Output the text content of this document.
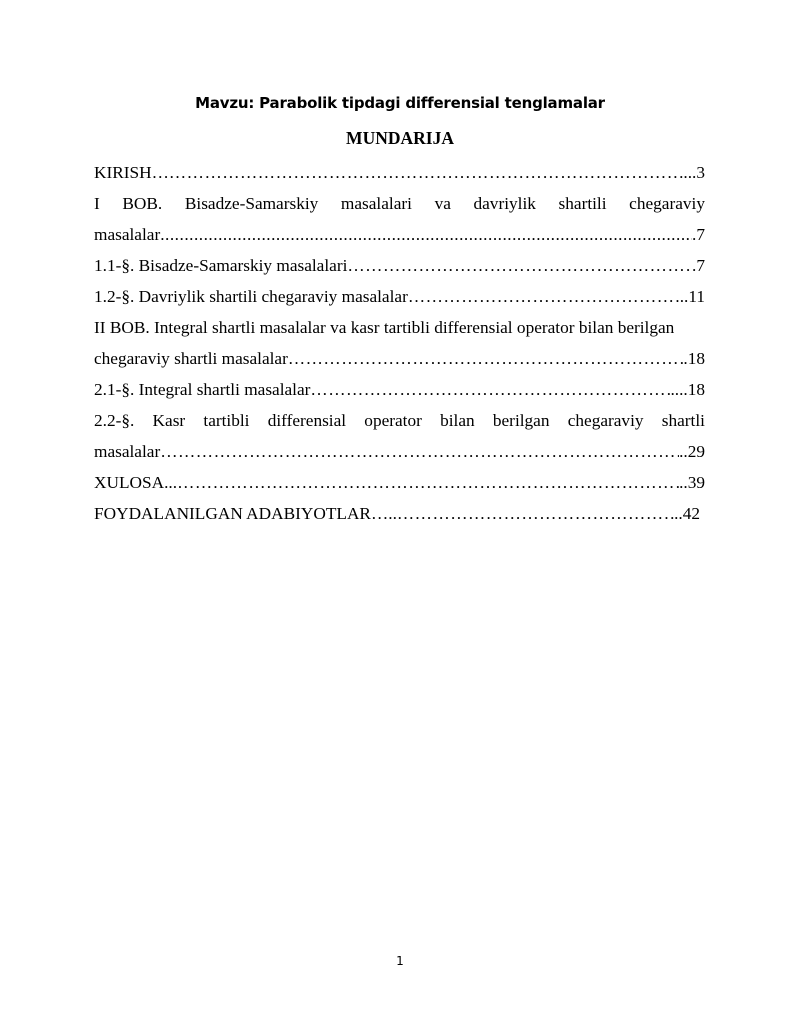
Mavzu: Parabolik tipdagi differensial tenglamalar
MUNDARIJA
KIRISH… …………………………………………………………………………………………………………………………………………………………………………	....3
I BOB. Bisadze-Samarskiy masalalari va davriylik shartili chegaraviy
masalalar .....	.7
1.1-§. Bisadze-Samarskiy masalalari …………………………………………………………………………………………………………………………………………………………………………	.7
1.2-§. Davriylik shartili chegaraviy masalalar …………………………………………………………………………………………………………………………………………………………………………	..11
II BOB. Integral shartli masalalar va kasr tartibli differensial operator bilan berilgan
chegaraviy shartli masalalar …………………………………………………………………………………………………………………………………………………………………………	.18
2.1-§. Integral shartli masalalar …………………………………………………………………………………………………………………………………………………………………………	....18
2.2-§. Kasr tartibli differensial operator bilan berilgan chegaraviy shartli
masalalar …………………………………………………………………………………………………………………………………………………………………………	..29
XULOSA... …………………………………………………………………………………………………………………………………………………………………………	..39
FOYDALANILGAN ADABIYOTLAR….. …………………………………………………………………………………………………………………………………………………………………………	..42
1
